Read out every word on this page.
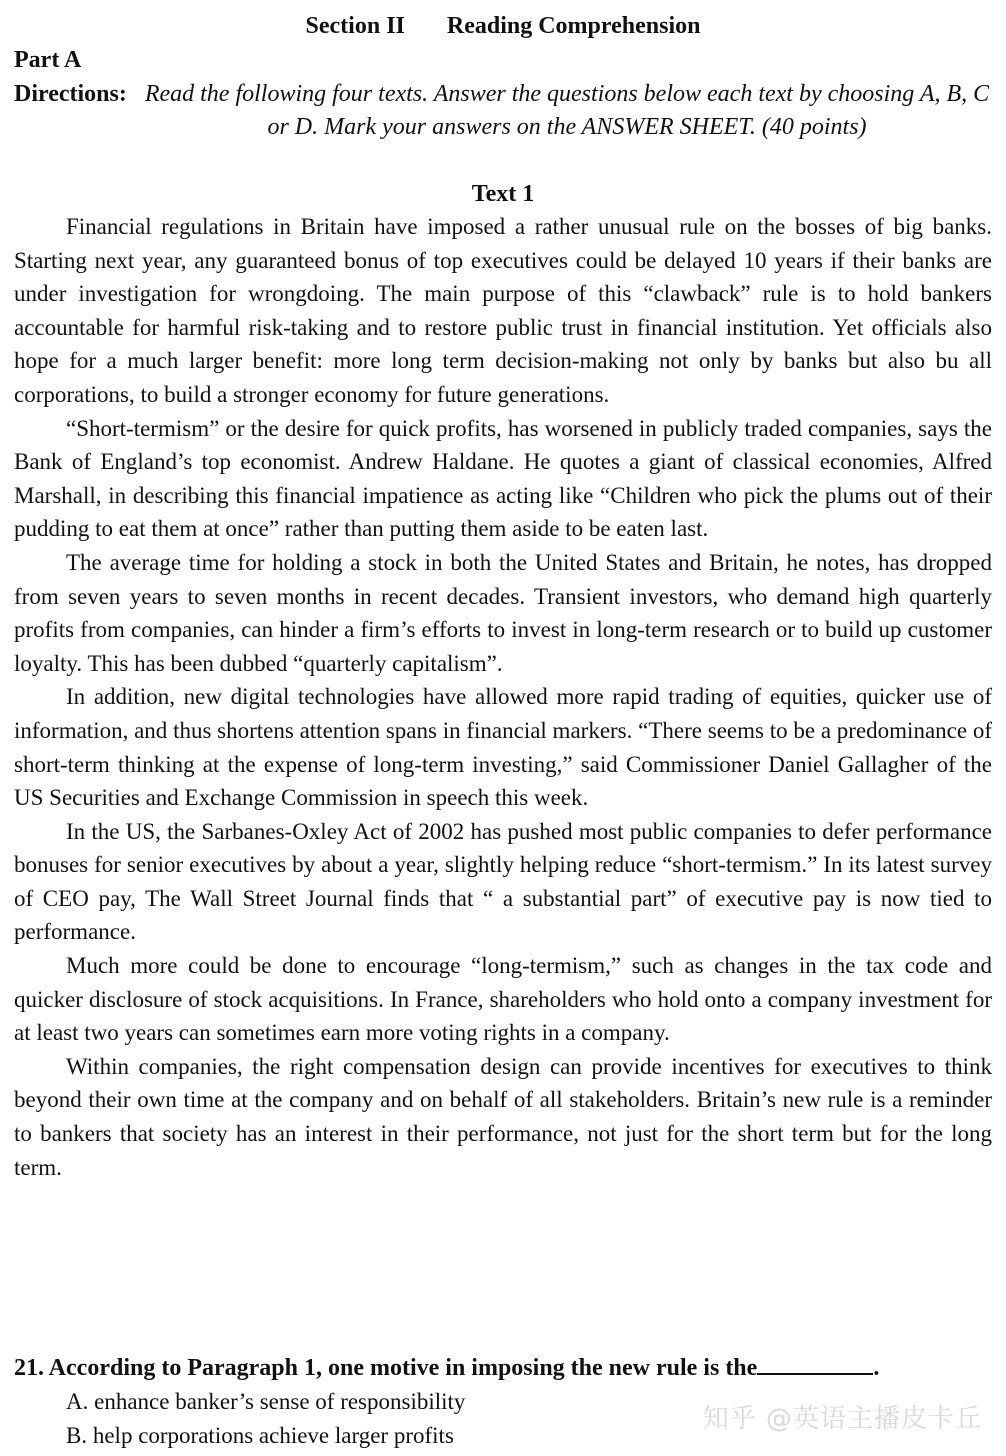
Section II Reading Comprehension
Part A
Directions: Read the following four texts. Answer the questions below each text by choosing A, B, C or D. Mark your answers on the ANSWER SHEET. (40 points)
Text 1

Financial regulations in Britain have imposed a rather unusual rule on the bosses of big banks. Starting next year, any guaranteed bonus of top executives could be delayed 10 years if their banks are under investigation for wrongdoing. The main purpose of this “clawback” rule is to hold bankers accountable for harmful risk-taking and to restore public trust in financial institution. Yet officials also hope for a much larger benefit: more long term decision-making not only by banks but also bu all corporations, to build a stronger economy for future generations.

“Short-termism” or the desire for quick profits, has worsened in publicly traded companies, says the Bank of England’s top economist. Andrew Haldane. He quotes a giant of classical economies, Alfred Marshall, in describing this financial impatience as acting like “Children who pick the plums out of their pudding to eat them at once” rather than putting them aside to be eaten last.

The average time for holding a stock in both the United States and Britain, he notes, has dropped from seven years to seven months in recent decades. Transient investors, who demand high quarterly profits from companies, can hinder a firm’s efforts to invest in long-term research or to build up customer loyalty. This has been dubbed “quarterly capitalism”.

In addition, new digital technologies have allowed more rapid trading of equities, quicker use of information, and thus shortens attention spans in financial markers. “There seems to be a predominance of short-term thinking at the expense of long-term investing,” said Commissioner Daniel Gallagher of the US Securities and Exchange Commission in speech this week.

In the US, the Sarbanes-Oxley Act of 2002 has pushed most public companies to defer performance bonuses for senior executives by about a year, slightly helping reduce “short-termism.” In its latest survey of CEO pay, The Wall Street Journal finds that “ a substantial part” of executive pay is now tied to performance.

Much more could be done to encourage “long-termism,” such as changes in the tax code and quicker disclosure of stock acquisitions. In France, shareholders who hold onto a company investment for at least two years can sometimes earn more voting rights in a company.

Within companies, the right compensation design can provide incentives for executives to think beyond their own time at the company and on behalf of all stakeholders. Britain’s new rule is a reminder to bankers that society has an interest in their performance, not just for the short term but for the long term.

21. According to Paragraph 1, one motive in imposing the new rule is the	.
A. enhance banker’s sense of responsibility
B. help corporations achieve larger profits
知乎 @英语主播皮卡丘
